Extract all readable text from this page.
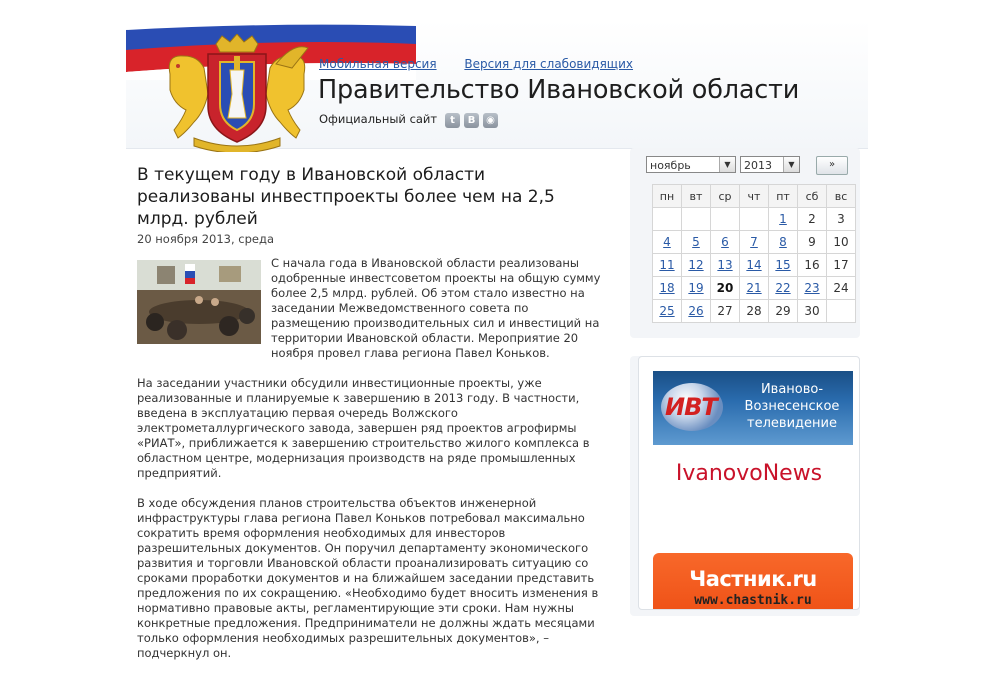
Мобильная версия Версия для слабовидящих
Правительство Ивановской области
Официальный сайт	t	B	◉
В текущем году в Ивановской области реализованы инвестпроекты более чем на 2,5 млрд. рублей
20 ноября 2013, среда

С начала года в Ивановской области реализованы одобренные инвестсоветом проекты на общую сумму более 2,5 млрд. рублей. Об этом стало известно на заседании Межведомственного совета по размещению производительных сил и инвестиций на территории Ивановской области. Мероприятие 20 ноября провел глава региона Павел Коньков.

На заседании участники обсудили инвестиционные проекты, уже реализованные и планируемые к завершению в 2013 году. В частности, введена в эксплуатацию первая очередь Волжского электрометаллургического завода, завершен ряд проектов агрофирмы «РИАТ», приближается к завершению строительство жилого комплекса в областном центре, модернизация производств на ряде промышленных предприятий.

В ходе обсуждения планов строительства объектов инженерной инфраструктуры глава региона Павел Коньков потребовал максимально сократить время оформления необходимых для инвесторов разрешительных документов. Он поручил департаменту экономического развития и торговли Ивановской области проанализировать ситуацию со сроками проработки документов и на ближайшем заседании представить предложения по их сокращению. «Необходимо будет вносить изменения в нормативно правовые акты, регламентирующие эти сроки. Нам нужны конкретные предложения. Предприниматели не должны ждать месяцами только оформления необходимых разрешительных документов», – подчеркнул он.

ноябрь	▼	2013	▼	»
пн	вт	ср	чт	пт	сб	вс
				1	2	3
4	5	6	7	8	9	10
11	12	13	14	15	16	17
18	19	20	21	22	23	24
25	26	27	28	29	30	
ИВТ
Иваново-Вознесенское телевидение
IvanovoNews
Частник.ru
www.chastnik.ru
